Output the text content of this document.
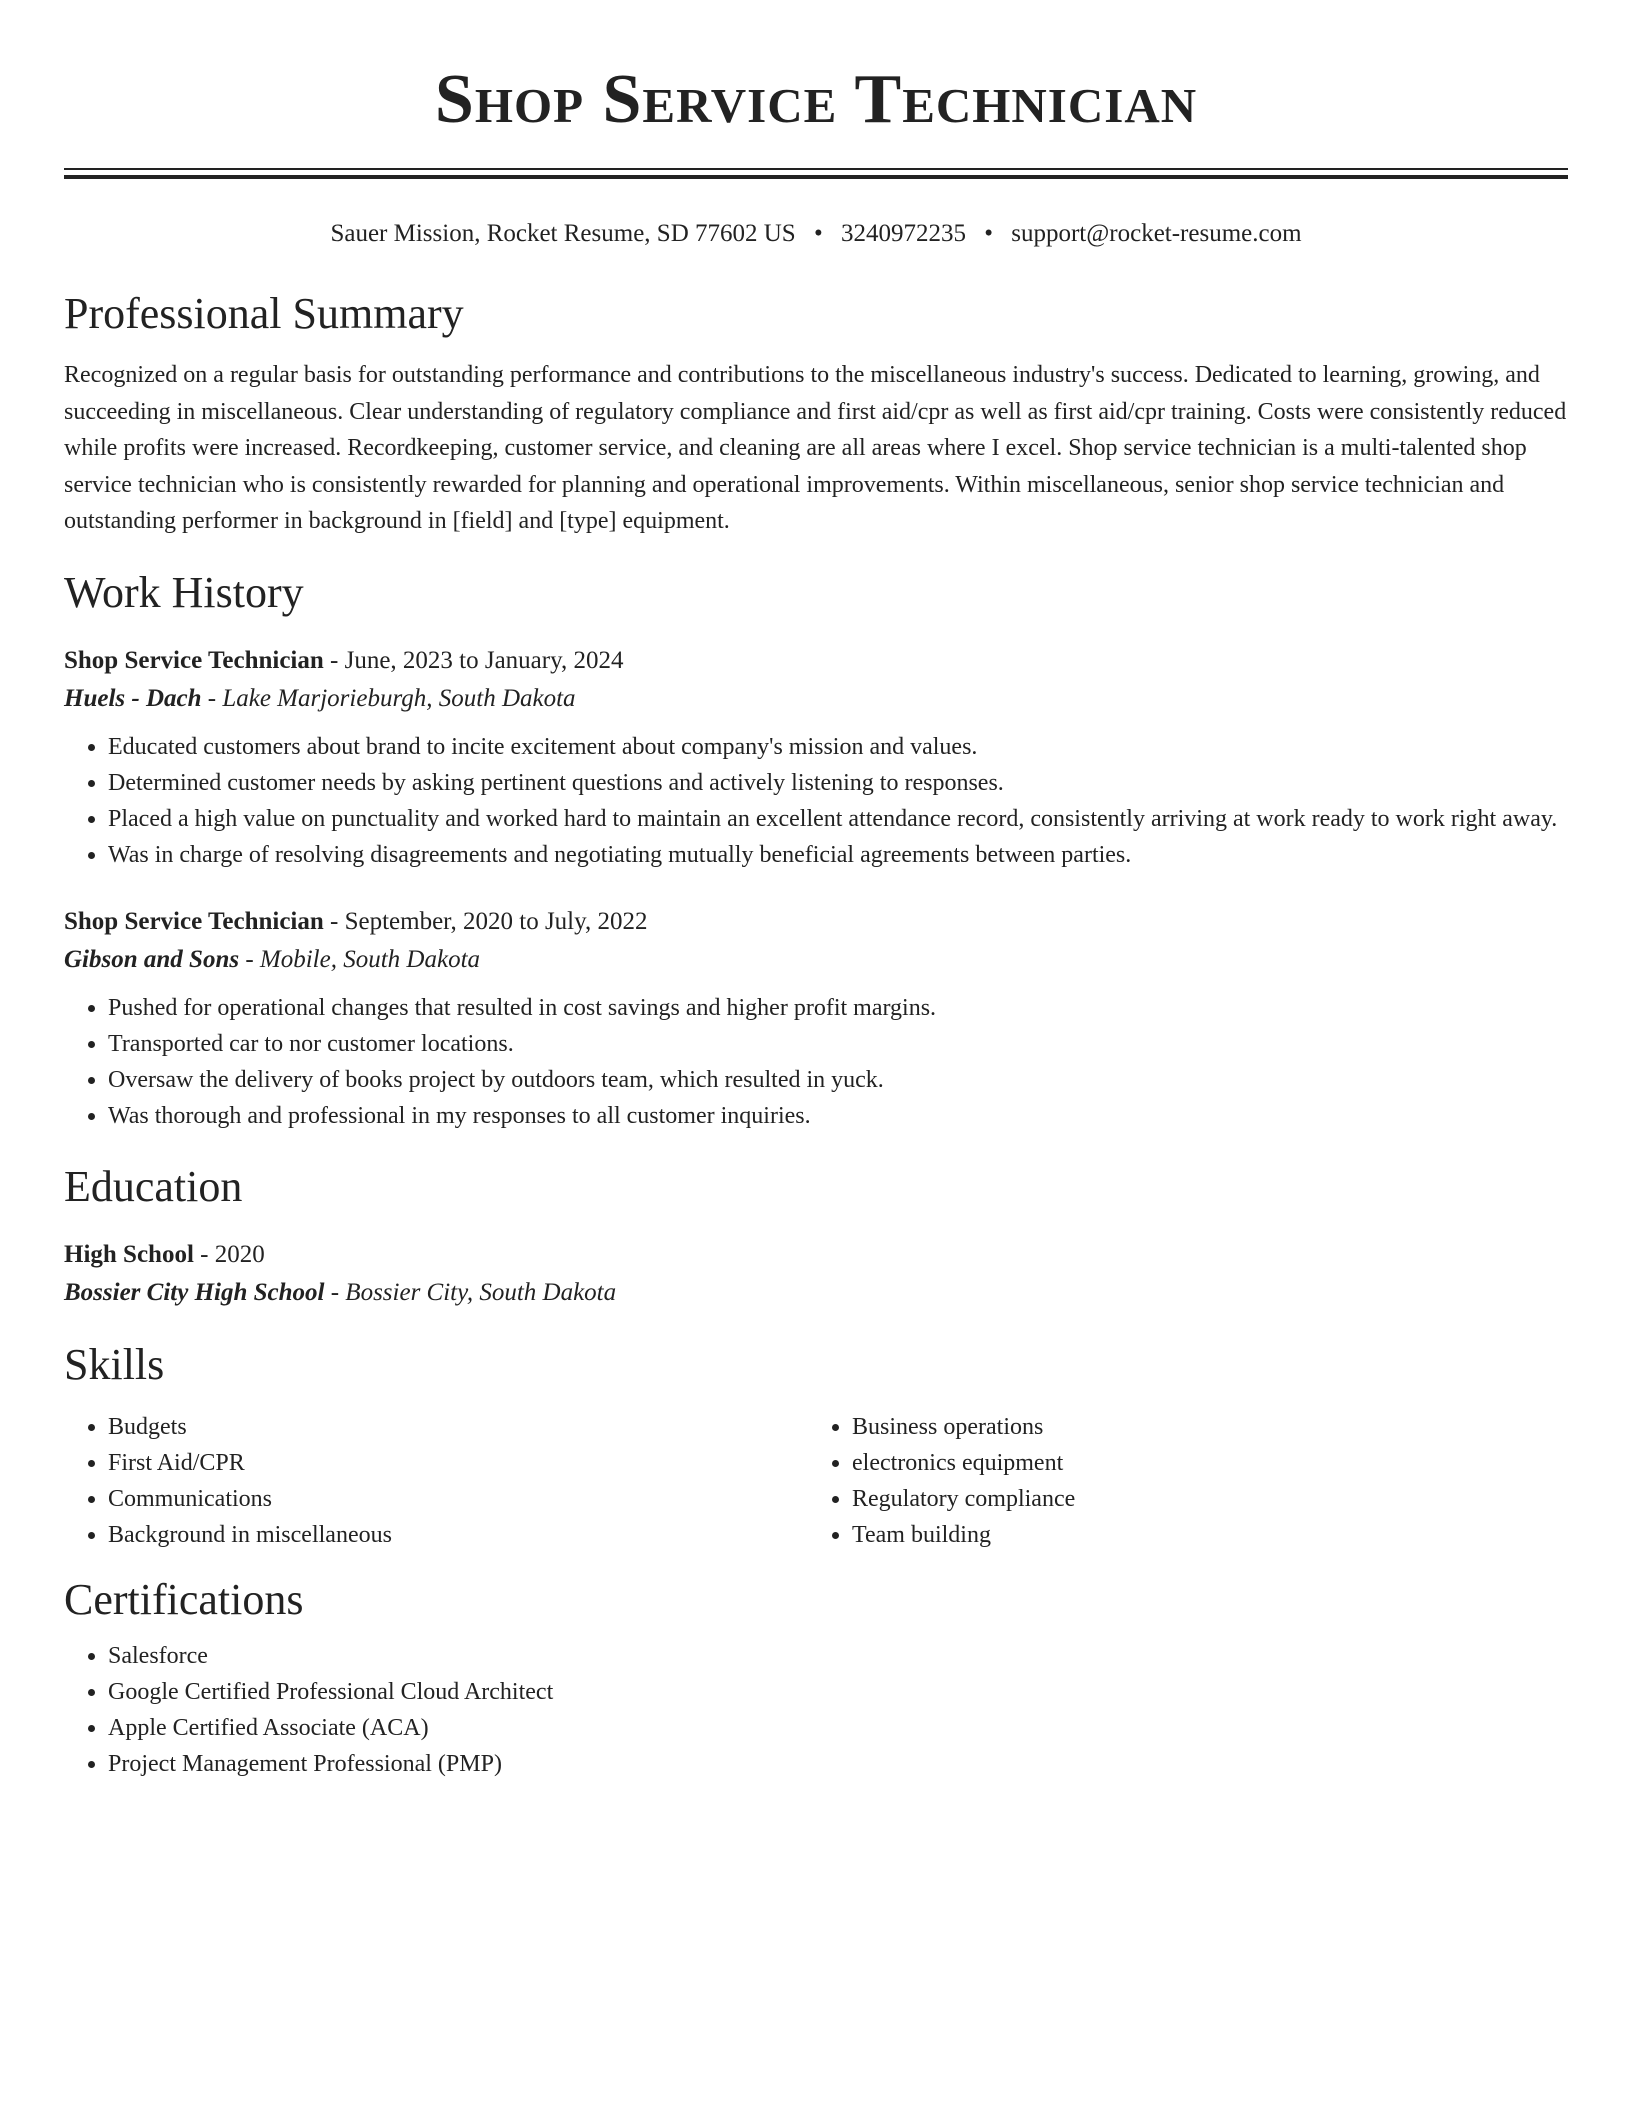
Shop Service Technician
Sauer Mission, Rocket Resume, SD 77602 US • 3240972235 • support@rocket-resume.com
Professional Summary
Recognized on a regular basis for outstanding performance and contributions to the miscellaneous industry's success. Dedicated to learning, growing, and succeeding in miscellaneous. Clear understanding of regulatory compliance and first aid/cpr as well as first aid/cpr training. Costs were consistently reduced while profits were increased. Recordkeeping, customer service, and cleaning are all areas where I excel. Shop service technician is a multi-talented shop service technician who is consistently rewarded for planning and operational improvements. Within miscellaneous, senior shop service technician and outstanding performer in background in [field] and [type] equipment.
Work History
Shop Service Technician - June, 2023 to January, 2024
Huels - Dach - Lake Marjorieburgh, South Dakota
• Educated customers about brand to incite excitement about company's mission and values.
• Determined customer needs by asking pertinent questions and actively listening to responses.
• Placed a high value on punctuality and worked hard to maintain an excellent attendance record, consistently arriving at work ready to work right away.
• Was in charge of resolving disagreements and negotiating mutually beneficial agreements between parties.
Shop Service Technician - September, 2020 to July, 2022
Gibson and Sons - Mobile, South Dakota
• Pushed for operational changes that resulted in cost savings and higher profit margins.
• Transported car to nor customer locations.
• Oversaw the delivery of books project by outdoors team, which resulted in yuck.
• Was thorough and professional in my responses to all customer inquiries.
Education
High School - 2020
Bossier City High School - Bossier City, South Dakota
Skills
• Budgets
• First Aid/CPR
• Communications
• Background in miscellaneous
• Business operations
• electronics equipment
• Regulatory compliance
• Team building
Certifications
• Salesforce
• Google Certified Professional Cloud Architect
• Apple Certified Associate (ACA)
• Project Management Professional (PMP)
